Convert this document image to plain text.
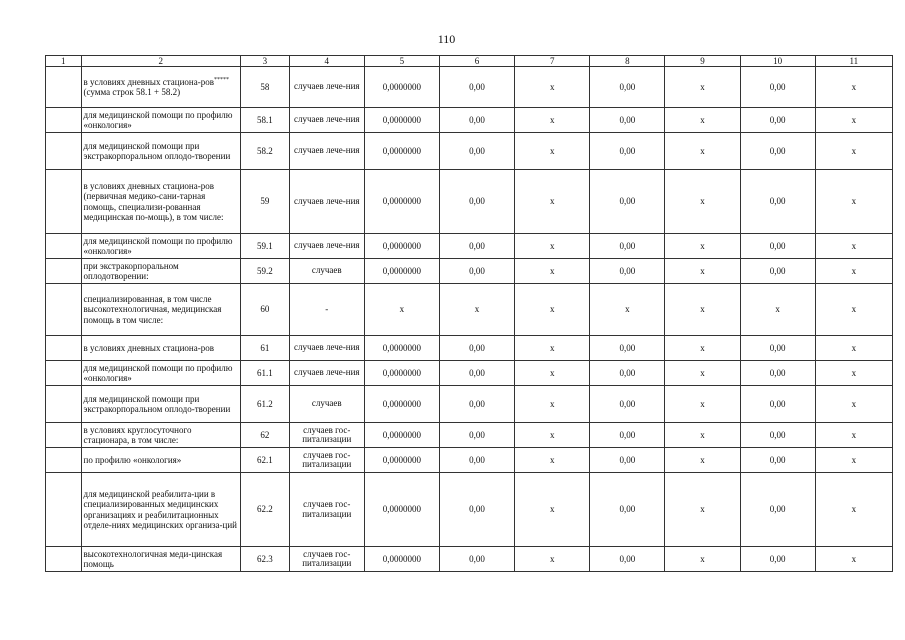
110
1	2	3	4	5	6	7	8	9	10	11
	в условиях дневных стациона-ров***** (сумма строк 58.1 + 58.2)	58	случаев лече-ния	0,0000000	0,00	х	0,00	х	0,00	х
	для медицинской помощи по профилю «онкология»	58.1	случаев лече-ния	0,0000000	0,00	х	0,00	х	0,00	х
	для медицинской помощи при экстракорпоральном оплодо-творении	58.2	случаев лече-ния	0,0000000	0,00	х	0,00	х	0,00	х
	в условиях дневных стациона-ров (первичная медико-сани-тарная помощь, специализи-рованная медицинская по-мощь), в том числе:	59	случаев лече-ния	0,0000000	0,00	х	0,00	х	0,00	х
	для медицинской помощи по профилю «онкология»	59.1	случаев лече-ния	0,0000000	0,00	х	0,00	х	0,00	х
	при экстракорпоральном оплодотворении:	59.2	случаев	0,0000000	0,00	х	0,00	х	0,00	х
	специализированная, в том числе высокотехнологичная, медицинская помощь в том числе:	60	-	х	х	х	х	х	х	х
	в условиях дневных стациона-ров	61	случаев лече-ния	0,0000000	0,00	х	0,00	х	0,00	х
	для медицинской помощи по профилю «онкология»	61.1	случаев лече-ния	0,0000000	0,00	х	0,00	х	0,00	х
	для медицинской помощи при экстракорпоральном оплодо-творении	61.2	случаев	0,0000000	0,00	х	0,00	х	0,00	х
	в условиях круглосуточного стационара, в том числе:	62	случаев гос-питализации	0,0000000	0,00	х	0,00	х	0,00	х
	по профилю «онкология»	62.1	случаев гос-питализации	0,0000000	0,00	х	0,00	х	0,00	х
	для медицинской реабилита-ции в специализированных медицинских организациях и реабилитационных отделе-ниях медицинских организа-ций	62.2	случаев гос-питализации	0,0000000	0,00	х	0,00	х	0,00	х
	высокотехнологичная меди-цинская помощь	62.3	случаев гос-питализации	0,0000000	0,00	х	0,00	х	0,00	х
